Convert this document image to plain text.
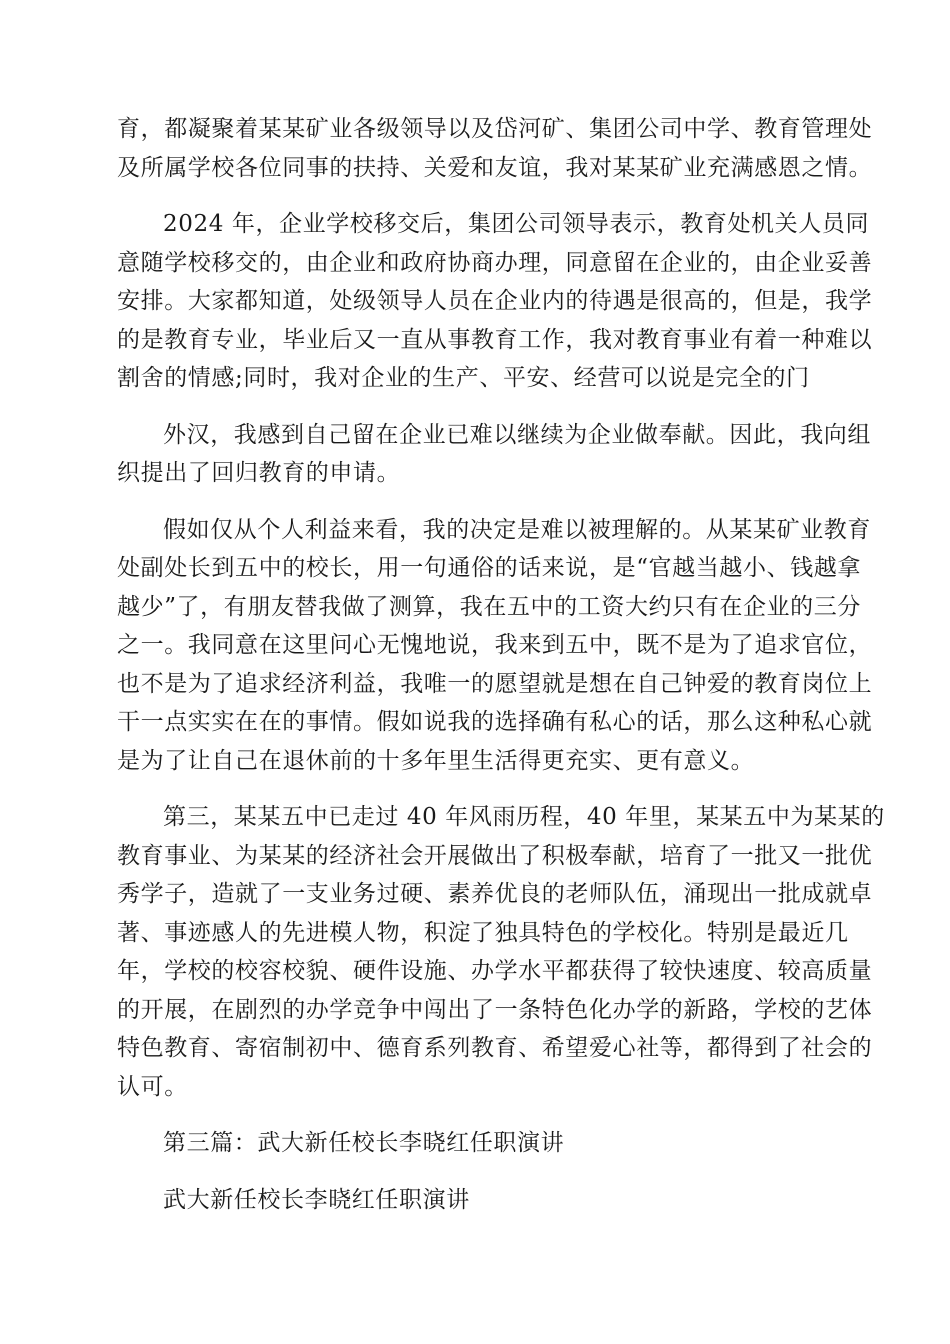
育，都凝聚着某某矿业各级领导以及岱河矿、集团公司中学、教育管理处
及所属学校各位同事的扶持、关爱和友谊，我对某某矿业充满感恩之情。

2024 年，企业学校移交后，集团公司领导表示，教育处机关人员同
意随学校移交的，由企业和政府协商办理，同意留在企业的，由企业妥善
安排。大家都知道，处级领导人员在企业内的待遇是很高的，但是，我学
的是教育专业，毕业后又一直从事教育工作，我对教育事业有着一种难以
割舍的情感;同时，我对企业的生产、平安、经营可以说是完全的门

外汉，我感到自己留在企业已难以继续为企业做奉献。因此，我向组
织提出了回归教育的申请。

假如仅从个人利益来看，我的决定是难以被理解的。从某某矿业教育
处副处长到五中的校长，用一句通俗的话来说，是“官越当越小、钱越拿
越少”了，有朋友替我做了测算，我在五中的工资大约只有在企业的三分
之一。我同意在这里问心无愧地说，我来到五中，既不是为了追求官位，
也不是为了追求经济利益，我唯一的愿望就是想在自己钟爱的教育岗位上
干一点实实在在的事情。假如说我的选择确有私心的话，那么这种私心就
是为了让自己在退休前的十多年里生活得更充实、更有意义。

第三，某某五中已走过 40 年风雨历程，40 年里，某某五中为某某的
教育事业、为某某的经济社会开展做出了积极奉献，培育了一批又一批优
秀学子，造就了一支业务过硬、素养优良的老师队伍，涌现出一批成就卓
著、事迹感人的先进模人物，积淀了独具特色的学校化。特别是最近几
年，学校的校容校貌、硬件设施、办学水平都获得了较快速度、较高质量
的开展，在剧烈的办学竞争中闯出了一条特色化办学的新路，学校的艺体
特色教育、寄宿制初中、德育系列教育、希望爱心社等，都得到了社会的
认可。

第三篇：武大新任校长李晓红任职演讲

武大新任校长李晓红任职演讲
